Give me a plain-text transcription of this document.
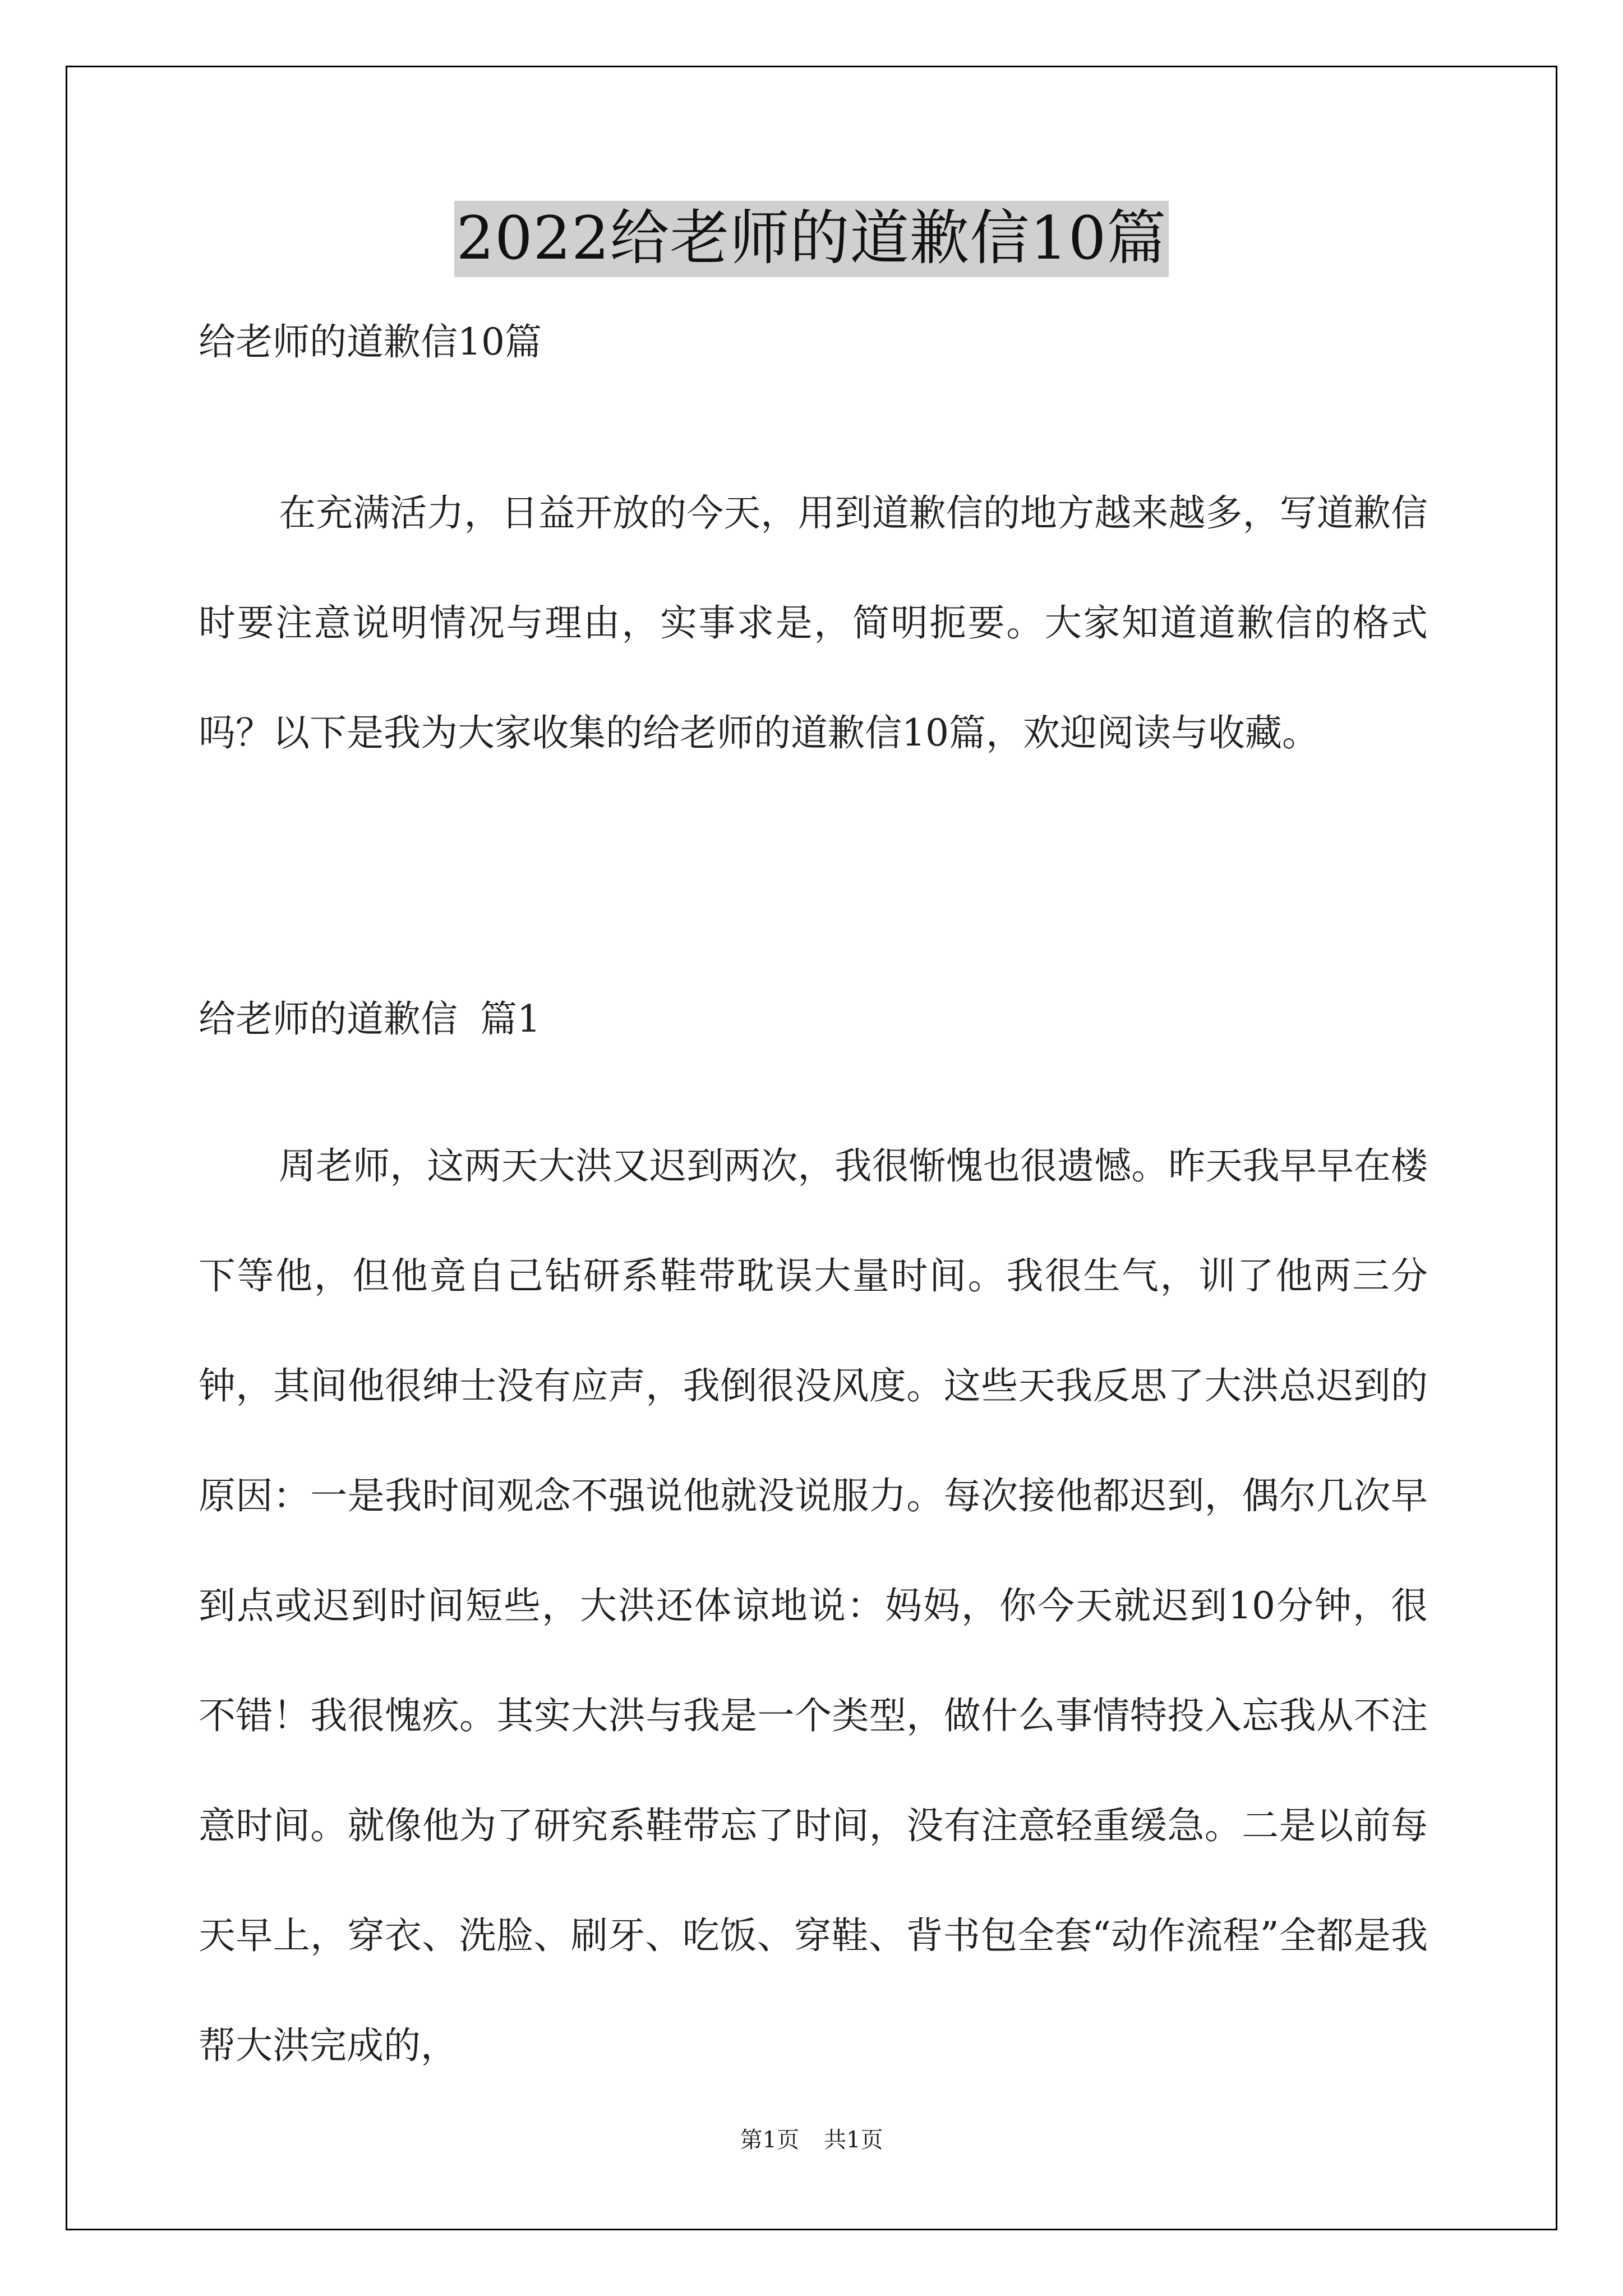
2022给老师的道歉信10篇

给老师的道歉信10篇

在充满活力，日益开放的今天，用到道歉信的地方越来越多，写道歉信时要注意说明情况与理由，实事求是，简明扼要。大家知道道歉信的格式吗？以下是我为大家收集的给老师的道歉信10篇，欢迎阅读与收藏。

给老师的道歉信 篇1

周老师，这两天大洪又迟到两次，我很惭愧也很遗憾。昨天我早早在楼下等他，但他竟自己钻研系鞋带耽误大量时间。我很生气，训了他两三分钟，其间他很绅士没有应声，我倒很没风度。这些天我反思了大洪总迟到的原因：一是我时间观念不强说他就没说服力。每次接他都迟到，偶尔几次早到点或迟到时间短些，大洪还体谅地说：妈妈，你今天就迟到10分钟，很不错！我很愧疚。其实大洪与我是一个类型，做什么事情特投入忘我从不注意时间。就像他为了研究系鞋带忘了时间，没有注意轻重缓急。二是以前每天早上，穿衣、洗脸、刷牙、吃饭、穿鞋、背书包全套“动作流程”全都是我帮大洪完成的，

第1页 共1页
